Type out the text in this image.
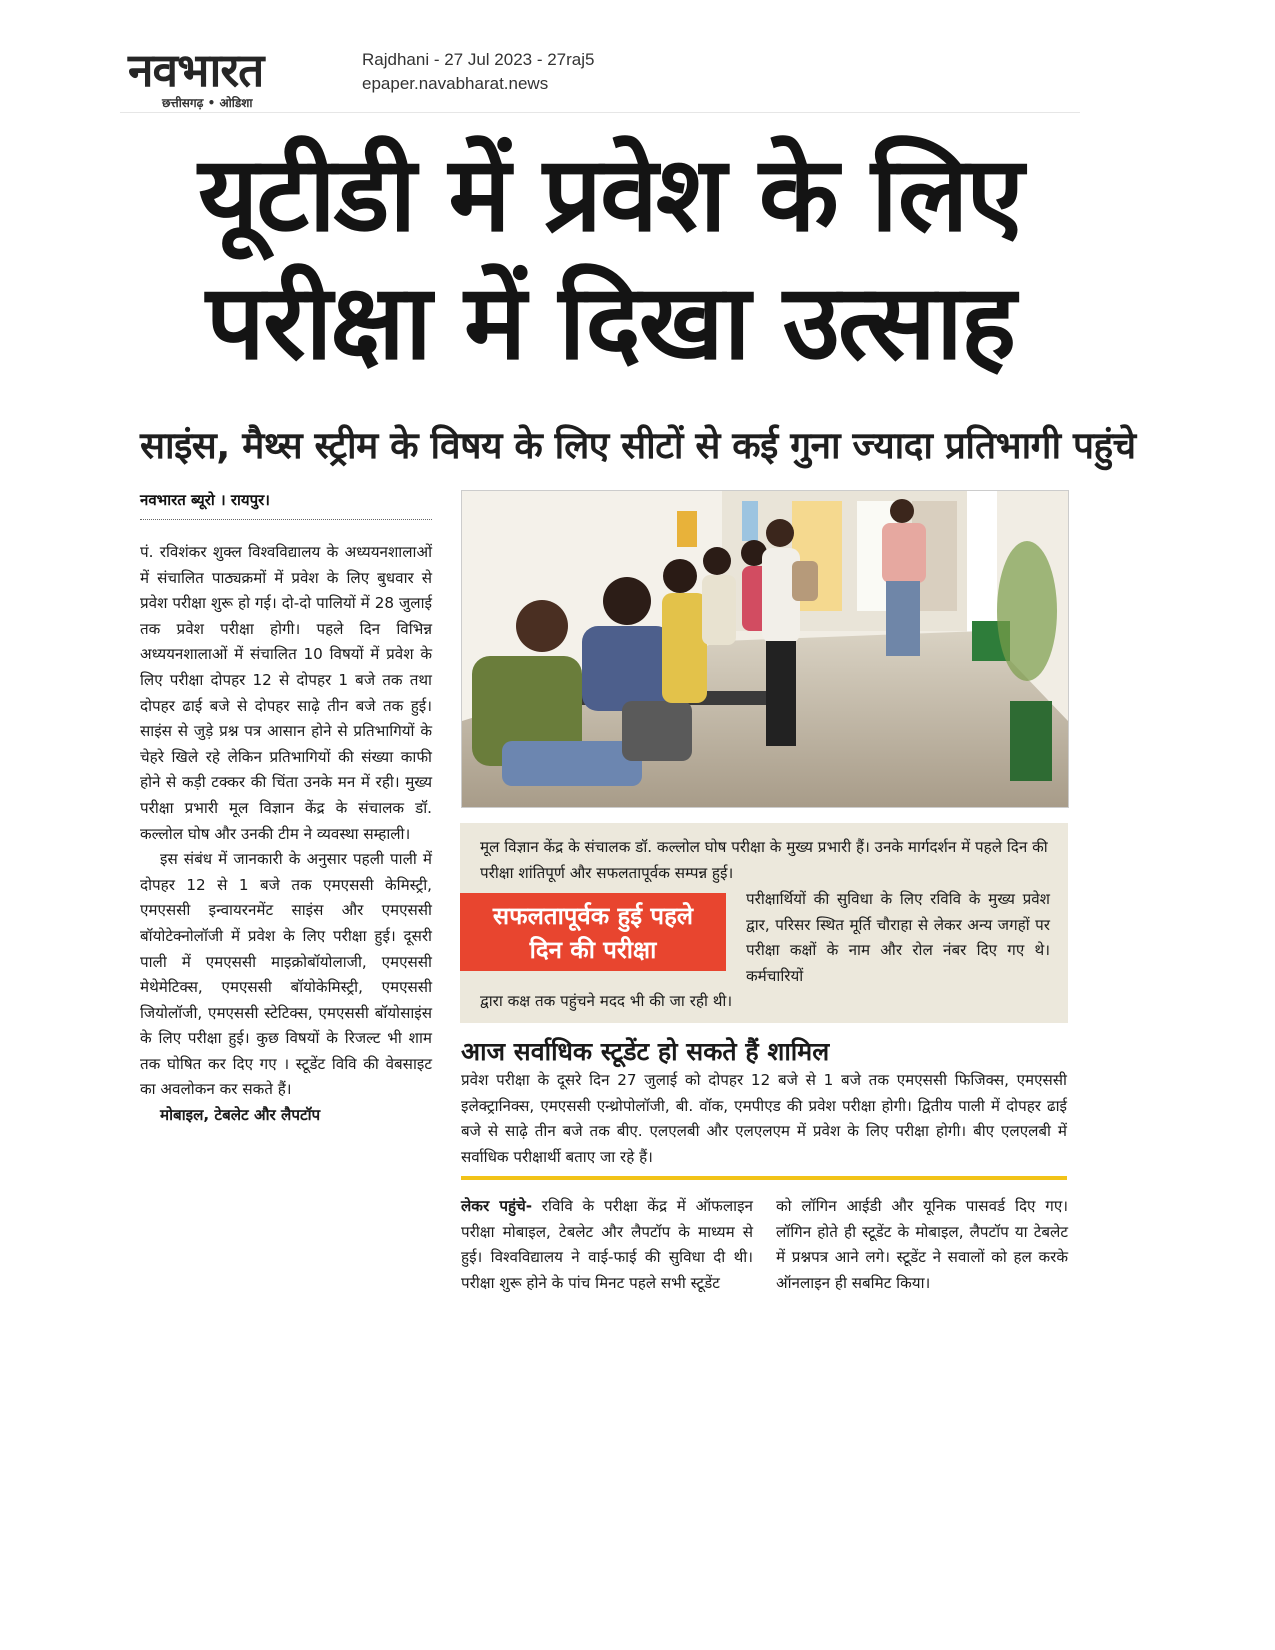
नवभारत
छत्तीसगढ़ • ओडिशा
Rajdhani - 27 Jul 2023 - 27raj5
epaper.navabharat.news
यूटीडी में प्रवेश के लिए
परीक्षा में दिखा उत्साह
साइंस, मैथ्स स्ट्रीम के विषय के लिए सीटों से कई गुना ज्यादा प्रतिभागी पहुंचे
नवभारत ब्यूरो । रायपुर।

पं. रविशंकर शुक्ल विश्वविद्यालय के अध्ययनशालाओं में संचालित पाठ्यक्रमों में प्रवेश के लिए बुधवार से प्रवेश परीक्षा शुरू हो गई। दो-दो पालियों में 28 जुलाई तक प्रवेश परीक्षा होगी। पहले दिन विभिन्न अध्ययनशालाओं में संचालित 10 विषयों में प्रवेश के लिए परीक्षा दोपहर 12 से दोपहर 1 बजे तक तथा दोपहर ढाई बजे से दोपहर साढ़े तीन बजे तक हुई। साइंस से जुड़े प्रश्न पत्र आसान होने से प्रतिभागियों के चेहरे खिले रहे लेकिन प्रतिभागियों की संख्या काफी होने से कड़ी टक्कर की चिंता उनके मन में रही। मुख्य परीक्षा प्रभारी मूल विज्ञान केंद्र के संचालक डॉ. कल्लोल घोष और उनकी टीम ने व्यवस्था सम्हाली।

इस संबंध में जानकारी के अनुसार पहली पाली में दोपहर 12 से 1 बजे तक एमएससी केमिस्ट्री, एमएससी इन्वायरनमेंट साइंस और एमएससी बॉयोटेक्नोलॉजी में प्रवेश के लिए परीक्षा हुई। दूसरी पाली में एमएससी माइक्रोबॉयोलाजी, एमएससी मेथेमेटिक्स, एमएससी बॉयोकेमिस्ट्री, एमएससी जियोलॉजी, एमएससी स्टेटिक्स, एमएससी बॉयोसाइंस के लिए परीक्षा हुई। कुछ विषयों के रिजल्ट भी शाम तक घोषित कर दिए गए । स्टूडेंट विवि की वेबसाइट का अवलोकन कर सकते हैं।

मोबाइल, टेबलेट और लैपटॉप

मूल विज्ञान केंद्र के संचालक डॉ. कल्लोल घोष परीक्षा के मुख्य प्रभारी हैं। उनके मार्गदर्शन में पहले दिन की परीक्षा शांतिपूर्ण और सफलतापूर्वक सम्पन्न हुई।
सफलतापूर्वक हुई पहले
दिन की परीक्षा
परीक्षार्थियों की सुविधा के लिए रविवि के मुख्य प्रवेश द्वार, परिसर स्थित मूर्ति चौराहा से लेकर अन्य जगहों पर परीक्षा कक्षों के नाम और रोल नंबर दिए गए थे। कर्मचारियों
द्वारा कक्ष तक पहुंचने मदद भी की जा रही थी।
आज सर्वाधिक स्टूडेंट हो सकते हैं शामिल
प्रवेश परीक्षा के दूसरे दिन 27 जुलाई को दोपहर 12 बजे से 1 बजे तक एमएससी फिजिक्स, एमएससी इलेक्ट्रानिक्स, एमएससी एन्थ्रोपोलॉजी, बी. वॉक, एमपीएड की प्रवेश परीक्षा होगी। द्वितीय पाली में दोपहर ढाई बजे से साढ़े तीन बजे तक बीए. एलएलबी और एलएलएम में प्रवेश के लिए परीक्षा होगी। बीए एलएलबी में सर्वाधिक परीक्षार्थी बताए जा रहे हैं।
लेकर पहुंचे- रविवि के परीक्षा केंद्र में ऑफलाइन परीक्षा मोबाइल, टेबलेट और लैपटॉप के माध्यम से हुई। विश्वविद्यालय ने वाई-फाई की सुविधा दी थी। परीक्षा शुरू होने के पांच मिनट पहले सभी स्टूडेंट
को लॉगिन आईडी और यूनिक पासवर्ड दिए गए। लॉगिन होते ही स्टूडेंट के मोबाइल, लैपटॉप या टेबलेट में प्रश्नपत्र आने लगे। स्टूडेंट ने सवालों को हल करके ऑनलाइन ही सबमिट किया।
